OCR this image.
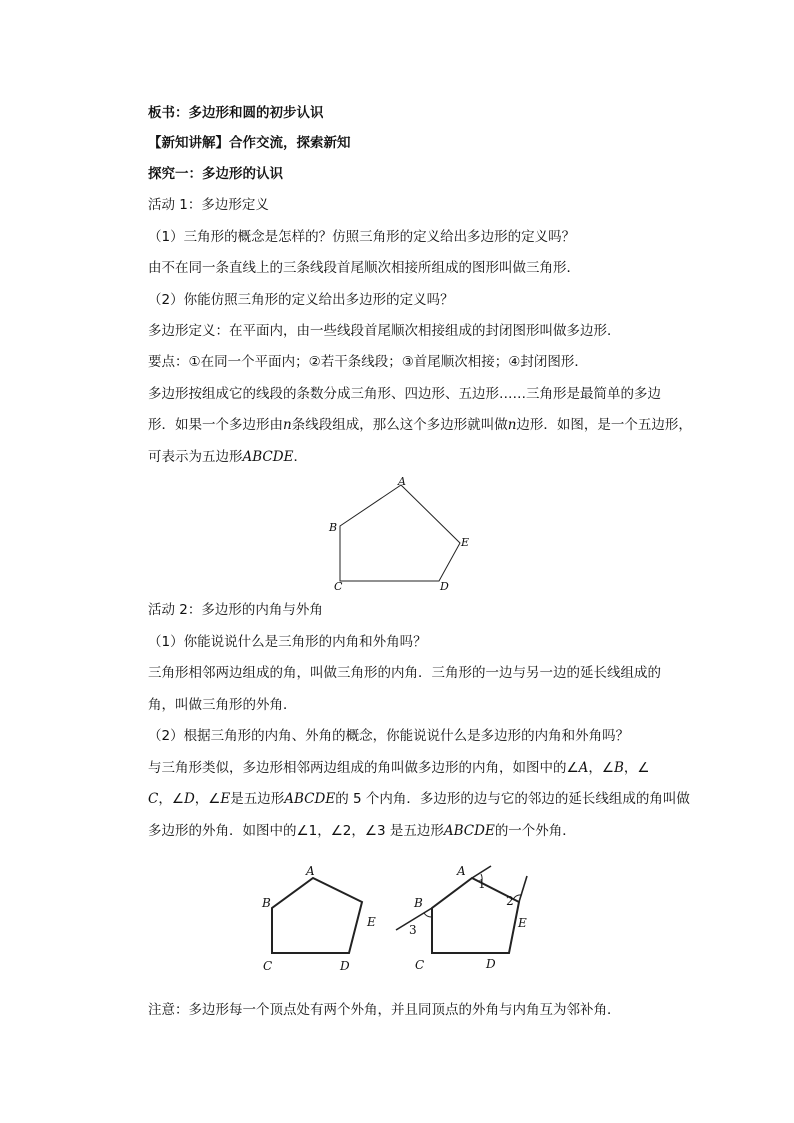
板书：多边形和圆的初步认识
【新知讲解】合作交流，探索新知
探究一：多边形的认识
活动 1：多边形定义
（1）三角形的概念是怎样的？仿照三角形的定义给出多边形的定义吗？
由不在同一条直线上的三条线段首尾顺次相接所组成的图形叫做三角形．
（2）你能仿照三角形的定义给出多边形的定义吗？
多边形定义：在平面内，由一些线段首尾顺次相接组成的封闭图形叫做多边形．
要点：①在同一个平面内；②若干条线段；③首尾顺次相接；④封闭图形．
多边形按组成它的线段的条数分成三角形、四边形、五边形……三角形是最简单的多边
形．如果一个多边形由n条线段组成，那么这个多边形就叫做n边形．如图，是一个五边形，
可表示为五边形ABCDE．
A
B
E
C	D
活动 2：多边形的内角与外角
（1）你能说说什么是三角形的内角和外角吗？
三角形相邻两边组成的角，叫做三角形的内角．三角形的一边与另一边的延长线组成的
角，叫做三角形的外角．
（2）根据三角形的内角、外角的概念，你能说说什么是多边形的内角和外角吗？
与三角形类似，多边形相邻两边组成的角叫做多边形的内角，如图中的∠A，∠B，∠
C，∠D，∠E是五边形ABCDE的 5 个内角．多边形的边与它的邻边的延长线组成的角叫做
多边形的外角．如图中的∠1，∠2，∠3 是五边形ABCDE的一个外角．
A
B
E
C	D
A
B
E
C	D
1
2
3
注意：多边形每一个顶点处有两个外角，并且同顶点的外角与内角互为邻补角．
